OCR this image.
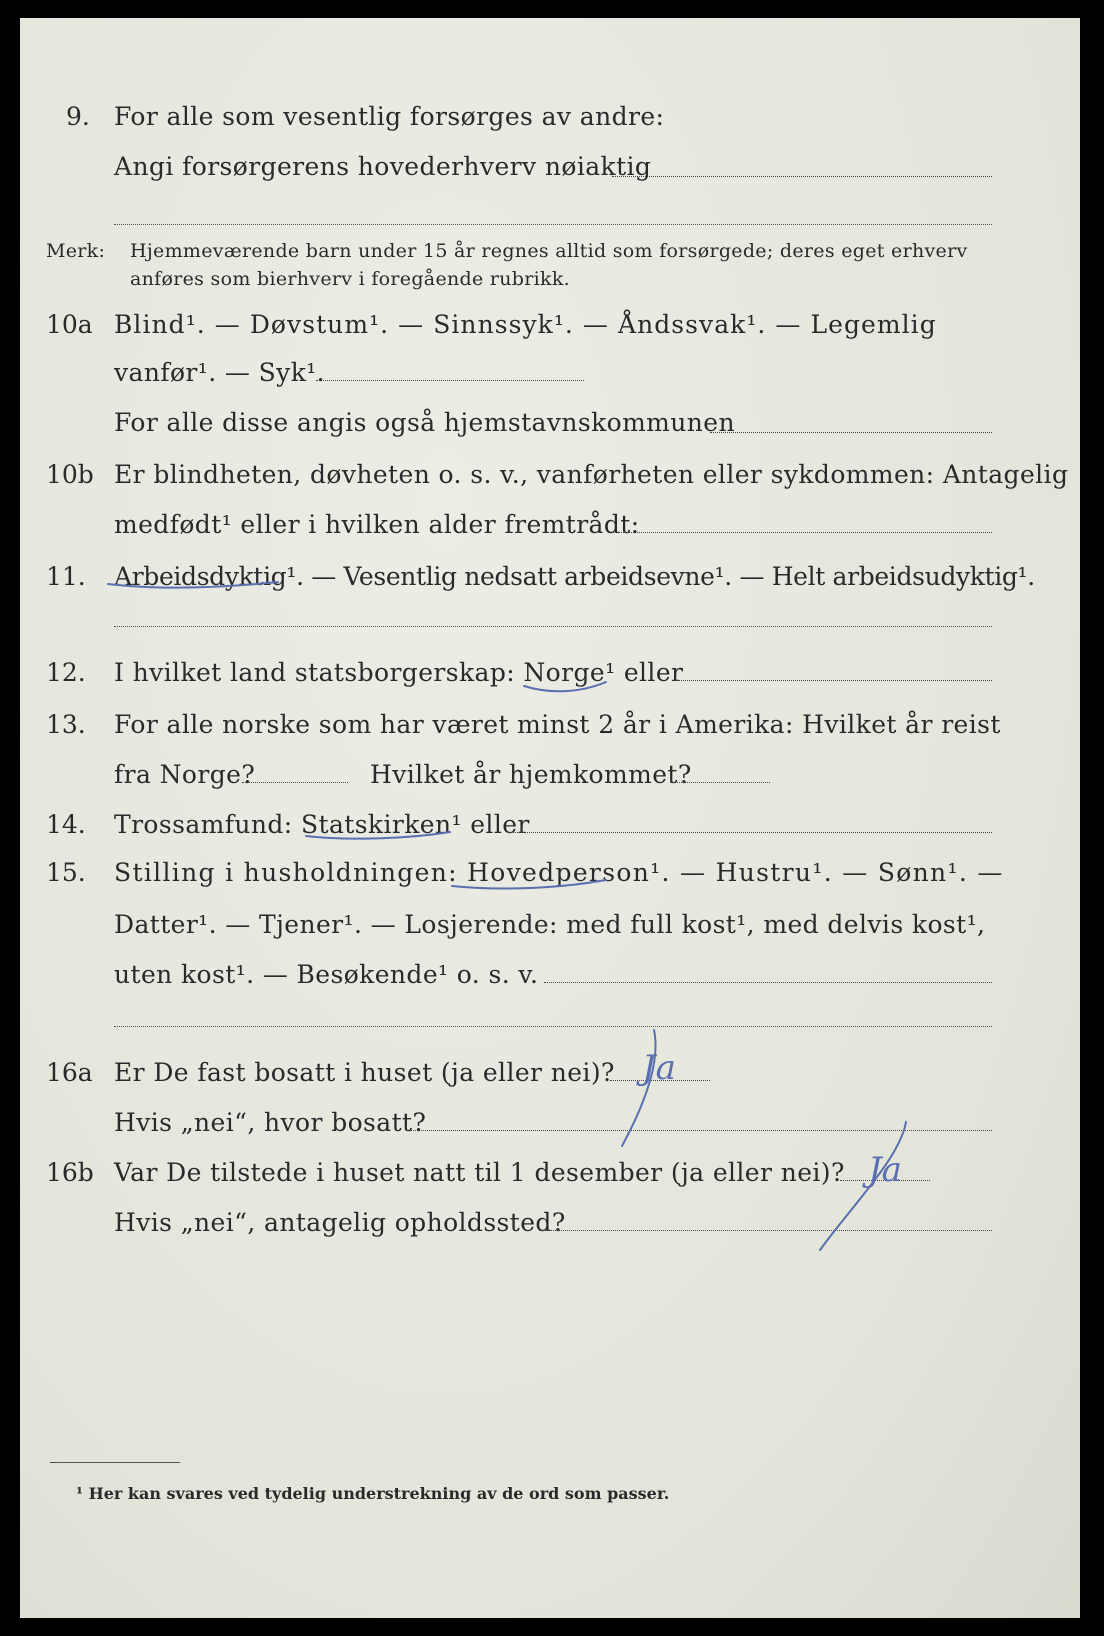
9. For alle som vesentlig forsørges av andre:
Angi forsørgerens hovederhverv nøiaktig
Merk: Hjemmeværende barn under 15 år regnes alltid som forsørgede; deres eget erhverv
anføres som bierhverv i foregående rubrikk.
10a Blind¹. — Døvstum¹. — Sinnssyk¹. — Åndssvak¹. — Legemlig
vanfør¹. — Syk¹.
For alle disse angis også hjemstavnskommunen
10b Er blindheten, døvheten o. s. v., vanførheten eller sykdommen: Antagelig
medfødt¹ eller i hvilken alder fremtrådt:
11. Arbeidsdyktig¹. — Vesentlig nedsatt arbeidsevne¹. — Helt arbeidsudyktig¹.
12. I hvilket land statsborgerskap: Norge¹ eller
13. For alle norske som har været minst 2 år i Amerika: Hvilket år reist
fra Norge?	Hvilket år hjemkommet?
14. Trossamfund: Statskirken¹ eller
15. Stilling i husholdningen: Hovedperson¹. — Hustru¹. — Sønn¹. —
Datter¹. — Tjener¹. — Losjerende: med full kost¹, med delvis kost¹,
uten kost¹. — Besøkende¹ o. s. v.
16a Er De fast bosatt i huset (ja eller nei)?
Hvis „nei“, hvor bosatt?
16b Var De tilstede i huset natt til 1 desember (ja eller nei)?
Hvis „nei“, antagelig opholdssted?
Ja
Ja
¹ Her kan svares ved tydelig understrekning av de ord som passer.
